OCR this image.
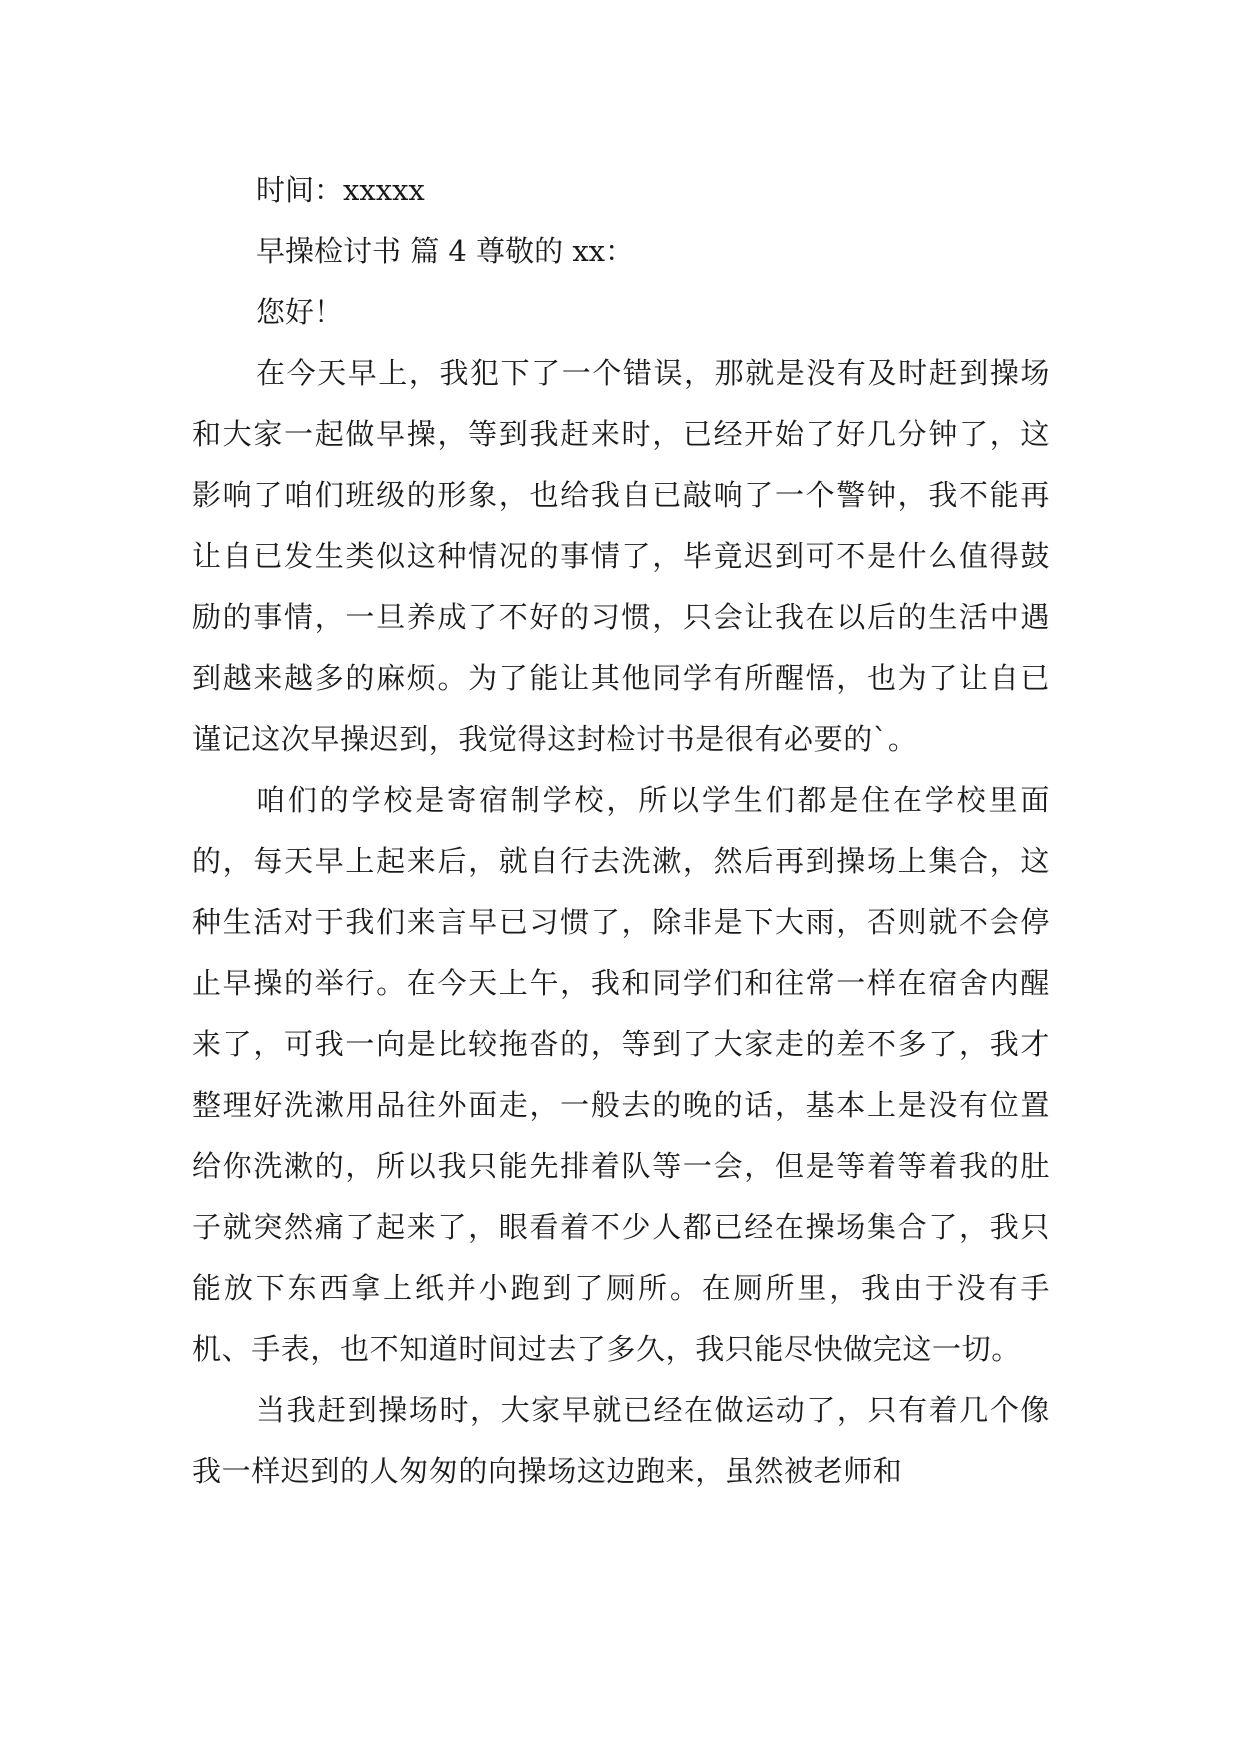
时间：xxxxx

早操检讨书 篇 4 尊敬的 xx：

您好！

在今天早上，我犯下了一个错误，那就是没有及时赶到操场和大家一起做早操，等到我赶来时，已经开始了好几分钟了，这影响了咱们班级的形象，也给我自已敲响了一个警钟，我不能再让自已发生类似这种情况的事情了，毕竟迟到可不是什么值得鼓励的事情，一旦养成了不好的习惯，只会让我在以后的生活中遇到越来越多的麻烦。为了能让其他同学有所醒悟，也为了让自已谨记这次早操迟到，我觉得这封检讨书是很有必要的`。

咱们的学校是寄宿制学校，所以学生们都是住在学校里面的，每天早上起来后，就自行去洗漱，然后再到操场上集合，这种生活对于我们来言早已习惯了，除非是下大雨，否则就不会停止早操的举行。在今天上午，我和同学们和往常一样在宿舍内醒来了，可我一向是比较拖沓的，等到了大家走的差不多了，我才整理好洗漱用品往外面走，一般去的晚的话，基本上是没有位置给你洗漱的，所以我只能先排着队等一会，但是等着等着我的肚子就突然痛了起来了，眼看着不少人都已经在操场集合了，我只能放下东西拿上纸并小跑到了厕所。在厕所里，我由于没有手机、手表，也不知道时间过去了多久，我只能尽快做完这一切。

当我赶到操场时，大家早就已经在做运动了，只有着几个像我一样迟到的人匆匆的向操场这边跑来，虽然被老师和
